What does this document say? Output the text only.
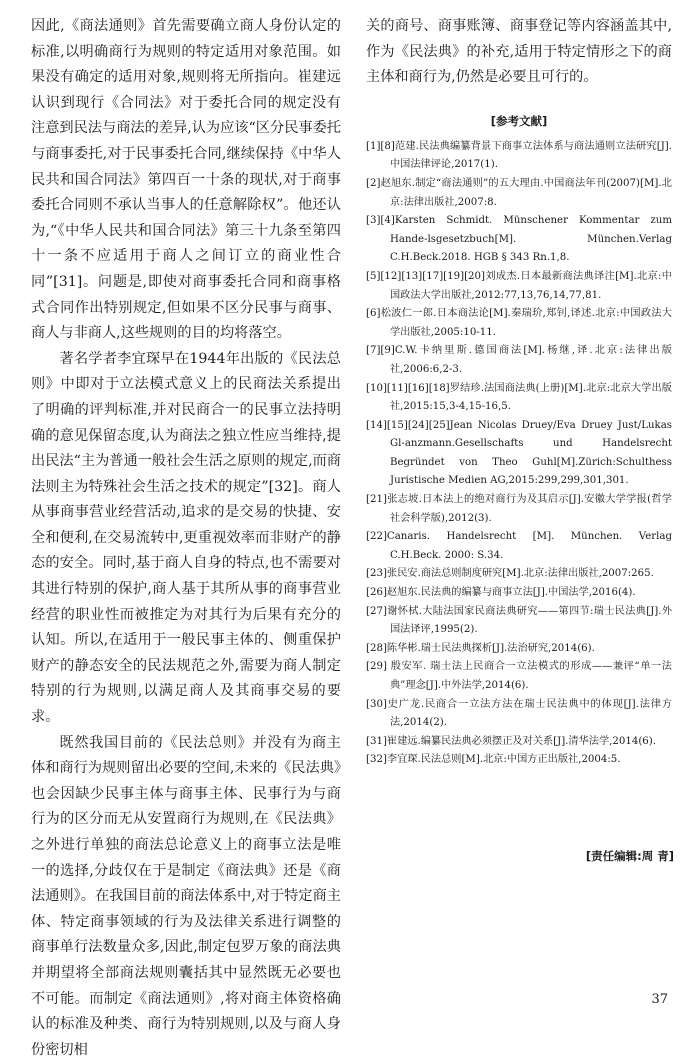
因此,《商法通则》首先需要确立商人身份认定的标准,以明确商行为规则的特定适用对象范围。如果没有确定的适用对象,规则将无所指向。崔建远认识到现行《合同法》对于委托合同的规定没有注意到民法与商法的差异,认为应该“区分民事委托与商事委托,对于民事委托合同,继续保持《中华人民共和国合同法》第四百一十条的现状,对于商事委托合同则不承认当事人的任意解除权”。他还认为,“《中华人民共和国合同法》第三十九条至第四十一条不应适用于商人之间订立的商业性合同”[31]。问题是,即使对商事委托合同和商事格式合同作出特别规定,但如果不区分民事与商事、商人与非商人,这些规则的目的均将落空。

著名学者李宜琛早在1944年出版的《民法总则》中即对于立法模式意义上的民商法关系提出了明确的评判标准,并对民商合一的民事立法持明确的意见保留态度,认为商法之独立性应当维持,提出民法“主为普通一般社会生活之原则的规定,而商法则主为特殊社会生活之技术的规定”[32]。商人从事商事营业经营活动,追求的是交易的快捷、安全和便利,在交易流转中,更重视效率而非财产的静态的安全。同时,基于商人自身的特点,也不需要对其进行特别的保护,商人基于其所从事的商事营业经营的职业性而被推定为对其行为后果有充分的认知。所以,在适用于一般民事主体的、侧重保护财产的静态安全的民法规范之外,需要为商人制定特别的行为规则,以满足商人及其商事交易的要求。

既然我国目前的《民法总则》并没有为商主体和商行为规则留出必要的空间,未来的《民法典》也会因缺少民事主体与商事主体、民事行为与商行为的区分而无从安置商行为规则,在《民法典》之外进行单独的商法总论意义上的商事立法是唯一的选择,分歧仅在于是制定《商法典》还是《商法通则》。在我国目前的商法体系中,对于特定商主体、特定商事领域的行为及法律关系进行调整的商事单行法数量众多,因此,制定包罗万象的商法典并期望将全部商法规则囊括其中显然既无必要也不可能。而制定《商法通则》,将对商主体资格确认的标准及种类、商行为特别规则,以及与商人身份密切相

关的商号、商事账簿、商事登记等内容涵盖其中,作为《民法典》的补充,适用于特定情形之下的商主体和商行为,仍然是必要且可行的。

[参考文献]

[1][8]范建.民法典编纂背景下商事立法体系与商法通则立法研究[J].中国法律评论,2017(1).

[2]赵旭东.制定“商法通则”的五大理由.中国商法年刊(2007)[M].北京:法律出版社,2007:8.

[3][4]Karsten Schmidt. Münschener Kommentar zum Hande-lsgesetzbuch[M]. München.Verlag C.H.Beck.2018. HGB § 343 Rn.1,8.

[5][12][13][17][19][20]刘成杰.日本最新商法典译注[M].北京:中国政法大学出版社,2012:77,13,76,14,77,81.

[6]松波仁一郎.日本商法论[M].秦瑞玠,郑钊,译述.北京:中国政法大学出版社,2005:10-11.

[7][9]C.W.卡纳里斯.德国商法[M].杨继,译.北京:法律出版社,2006:6,2-3.

[10][11][16][18]罗结珍.法国商法典(上册)[M].北京:北京大学出版社,2015:15,3-4,15-16,5.

[14][15][24][25]Jean Nicolas Druey/Eva Druey Just/Lukas Gl-anzmann.Gesellschafts und Handelsrecht Begründet von Theo Guhl[M].Zürich:Schulthess Juristische Medien AG,2015:299,299,301,301.

[21]张志坡.日本法上的绝对商行为及其启示[J].安徽大学学报(哲学社会科学版),2012(3).

[22]Canaris. Handelsrecht [M]. München. Verlag C.H.Beck. 2000: S.34.

[23]张民安.商法总则制度研究[M].北京:法律出版社,2007:265.

[26]赵旭东.民法典的编纂与商事立法[J].中国法学,2016(4).

[27]谢怀栻.大陆法国家民商法典研究——第四节:瑞士民法典[J].外国法译评,1995(2).

[28]陈华彬.瑞士民法典探析[J].法治研究,2014(6).

[29] 殷安军. 瑞士法上民商合一立法模式的形成——兼评“单一法典”理念[J].中外法学,2014(6).

[30]史广龙.民商合一立法方法在瑞士民法典中的体现[J].法律方法,2014(2).

[31]崔建远.编纂民法典必须摆正及对关系[J].清华法学,2014(6).

[32]李宜琛.民法总则[M].北京:中国方正出版社,2004:5.

[责任编辑:周 青]
37
